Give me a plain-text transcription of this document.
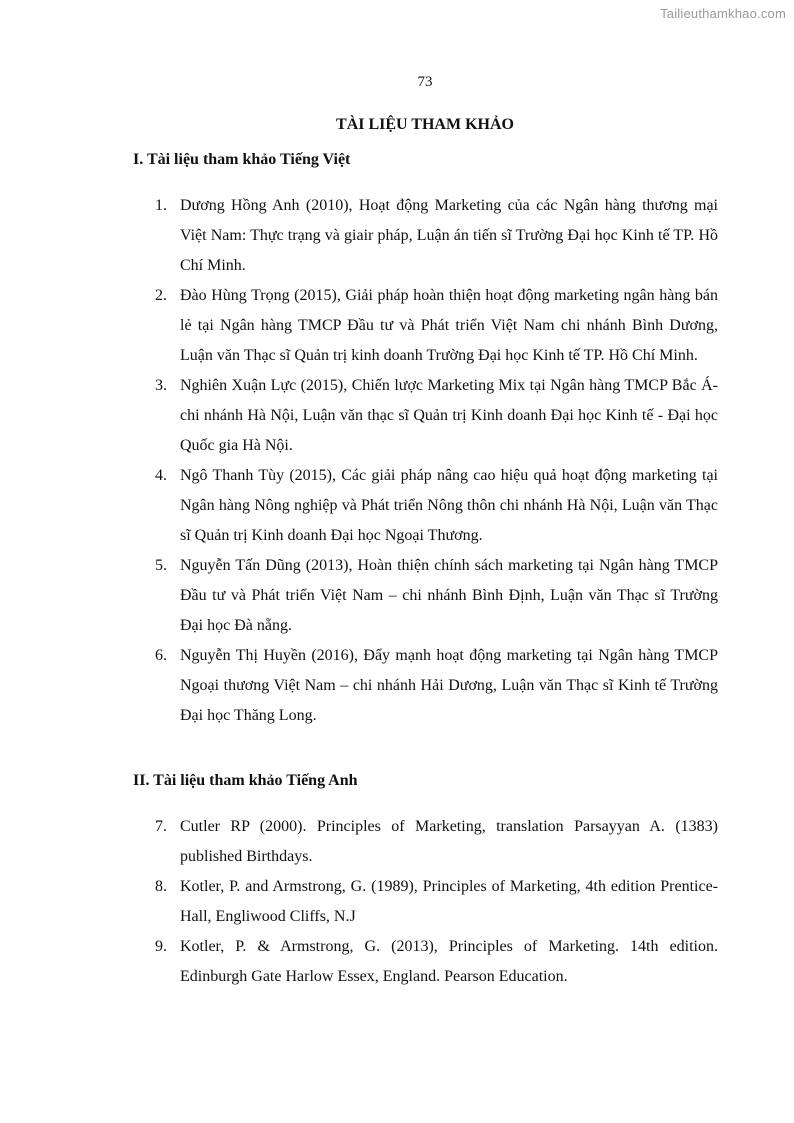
Tailieuthamkhao.com
73
TÀI LIỆU THAM KHẢO
I. Tài liệu tham khảo Tiếng Việt
1. Dương Hồng Anh (2010), Hoạt động Marketing của các Ngân hàng thương mại Việt Nam: Thực trạng và giair pháp, Luận án tiến sĩ Trường Đại học Kinh tế TP. Hồ Chí Minh.
2. Đào Hùng Trọng (2015), Giải pháp hoàn thiện hoạt động marketing ngân hàng bán lẻ tại Ngân hàng TMCP Đầu tư và Phát triển Việt Nam chi nhánh Bình Dương, Luận văn Thạc sĩ Quản trị kinh doanh Trường Đại học Kinh tế TP. Hồ Chí Minh.
3. Nghiên Xuận Lực (2015), Chiến lược Marketing Mix tại Ngân hàng TMCP Bắc Á- chi nhánh Hà Nội, Luận văn thạc sĩ Quản trị Kinh doanh Đại học Kinh tế - Đại học Quốc gia Hà Nội.
4. Ngô Thanh Tùy (2015), Các giải pháp nâng cao hiệu quả hoạt động marketing tại Ngân hàng Nông nghiệp và Phát triển Nông thôn chi nhánh Hà Nội, Luận văn Thạc sĩ Quản trị Kinh doanh Đại học Ngoại Thương.
5. Nguyễn Tấn Dũng (2013), Hoàn thiện chính sách marketing tại Ngân hàng TMCP Đầu tư và Phát triển Việt Nam – chi nhánh Bình Định, Luận văn Thạc sĩ Trường Đại học Đà nẵng.
6. Nguyễn Thị Huyền (2016), Đẩy mạnh hoạt động marketing tại Ngân hàng TMCP Ngoại thương Việt Nam – chi nhánh Hải Dương, Luận văn Thạc sĩ Kinh tế Trường Đại học Thăng Long.
II. Tài liệu tham khảo Tiếng Anh
7. Cutler RP (2000). Principles of Marketing, translation Parsayyan A. (1383) published Birthdays.
8. Kotler, P. and Armstrong, G. (1989), Principles of Marketing, 4th edition Prentice-Hall, Engliwood Cliffs, N.J
9. Kotler, P. & Armstrong, G. (2013), Principles of Marketing. 14th edition. Edinburgh Gate Harlow Essex, England. Pearson Education.
